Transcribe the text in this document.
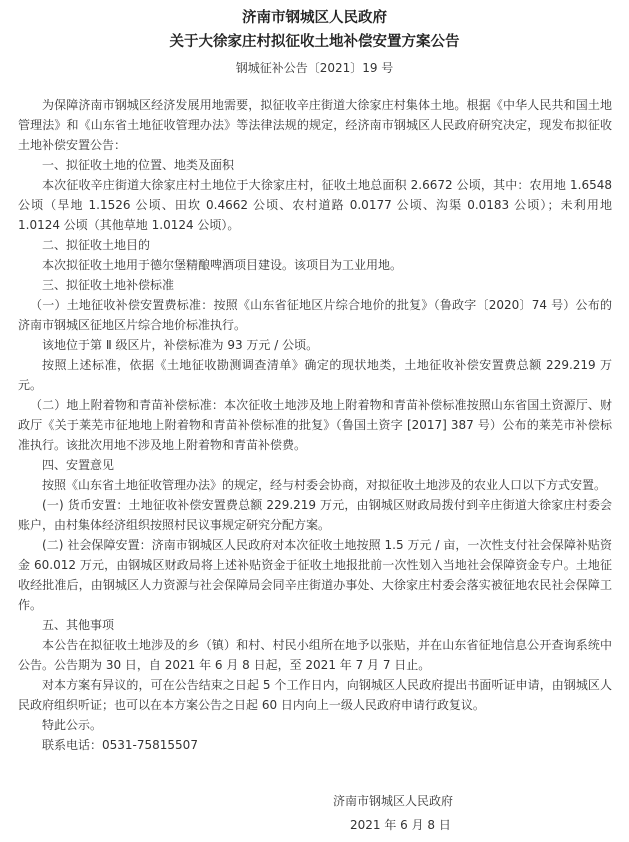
济南市钢城区人民政府
关于大徐家庄村拟征收土地补偿安置方案公告
钢城征补公告〔2021〕19 号

为保障济南市钢城区经济发展用地需要，拟征收辛庄街道大徐家庄村集体土地。根据《中华人民共和国土地管理法》和《山东省土地征收管理办法》等法律法规的规定，经济南市钢城区人民政府研究决定，现发布拟征收土地补偿安置公告：

一、拟征收土地的位置、地类及面积

本次征收辛庄街道大徐家庄村土地位于大徐家庄村，征收土地总面积 2.6672 公顷，其中：农用地 1.6548 公顷（旱地 1.1526 公顷、田坎 0.4662 公顷、农村道路 0.0177 公顷、沟渠 0.0183 公顷）；未利用地 1.0124 公顷（其他草地 1.0124 公顷）。

二、拟征收土地目的

本次拟征收土地用于德尔堡精酿啤酒项目建设。该项目为工业用地。

三、拟征收土地补偿标准

（一）土地征收补偿安置费标准：按照《山东省征地区片综合地价的批复》（鲁政字〔2020〕74 号）公布的济南市钢城区征地区片综合地价标准执行。

该地位于第 Ⅱ 级区片，补偿标准为 93 万元 / 公顷。

按照上述标准，依据《土地征收勘测调查清单》确定的现状地类，土地征收补偿安置费总额 229.219 万元。

（二）地上附着物和青苗补偿标准：本次征收土地涉及地上附着物和青苗补偿标准按照山东省国土资源厅、财政厅《关于莱芜市征地地上附着物和青苗补偿标准的批复》（鲁国土资字 [2017] 387 号）公布的莱芜市补偿标准执行。该批次用地不涉及地上附着物和青苗补偿费。

四、安置意见

按照《山东省土地征收管理办法》的规定，经与村委会协商，对拟征收土地涉及的农业人口以下方式安置。

(一) 货币安置：土地征收补偿安置费总额 229.219 万元，由钢城区财政局拨付到辛庄街道大徐家庄村委会账户，由村集体经济组织按照村民议事规定研究分配方案。

(二) 社会保障安置：济南市钢城区人民政府对本次征收土地按照 1.5 万元 / 亩，一次性支付社会保障补贴资金 60.012 万元，由钢城区财政局将上述补贴资金于征收土地报批前一次性划入当地社会保障资金专户。土地征收经批准后，由钢城区人力资源与社会保障局会同辛庄街道办事处、大徐家庄村委会落实被征地农民社会保障工作。

五、其他事项

本公告在拟征收土地涉及的乡（镇）和村、村民小组所在地予以张贴，并在山东省征地信息公开查询系统中公告。公告期为 30 日，自 2021 年 6 月 8 日起，至 2021 年 7 月 7 日止。

对本方案有异议的，可在公告结束之日起 5 个工作日内，向钢城区人民政府提出书面听证申请，由钢城区人民政府组织听证；也可以在本方案公告之日起 60 日内向上一级人民政府申请行政复议。

特此公示。

联系电话：0531-75815507

济南市钢城区人民政府
2021 年 6 月 8 日
